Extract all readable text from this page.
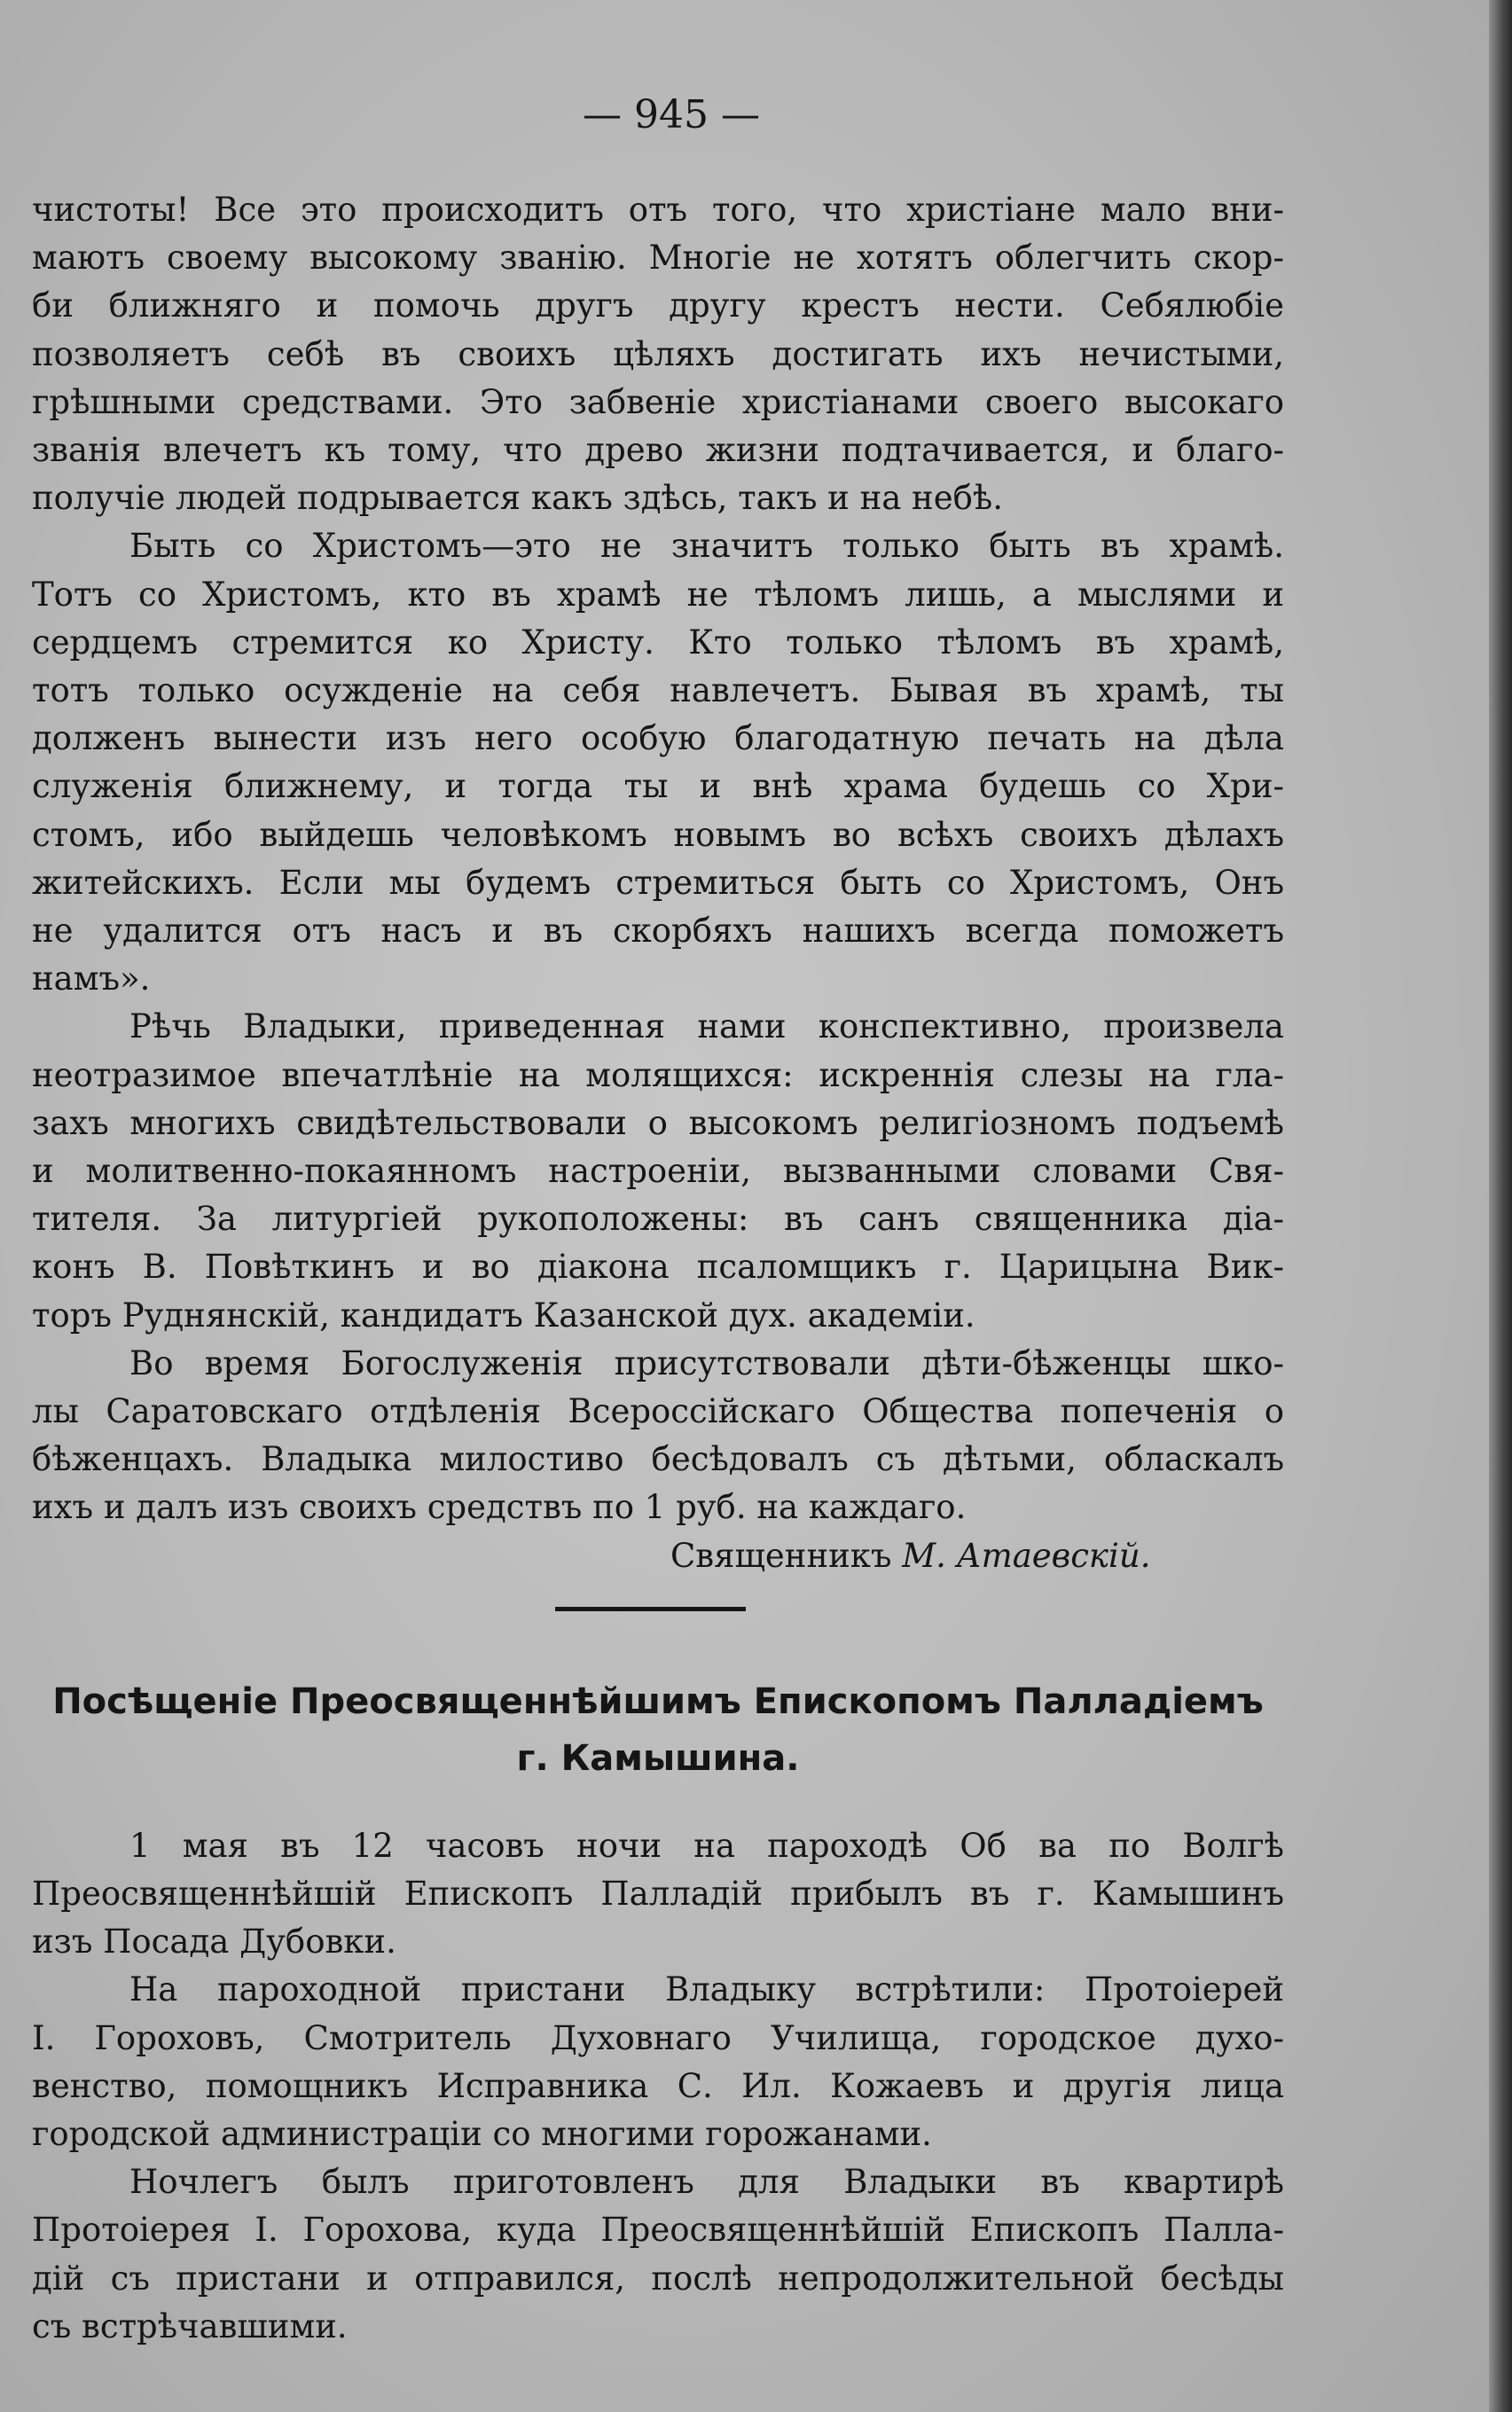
— 945 —

чистоты! Все это происходитъ отъ того, что христiане мало вни-
маютъ своему высокому званiю. Многiе не хотятъ облегчить скор-
би ближняго и помочь другъ другу крестъ нести. Себялюбiе
позволяетъ себѣ въ своихъ цѣляхъ достигать ихъ нечистыми,
грѣшными средствами. Это забвенiе христiанами своего высокаго
званiя влечетъ къ тому, что древо жизни подтачивается, и благо-
получiе людей подрывается какъ здѣсь, такъ и на небѣ.

Быть со Христомъ—это не значитъ только быть въ храмѣ.
Тотъ со Христомъ, кто въ храмѣ не тѣломъ лишь, а мыслями и
сердцемъ стремится ко Христу. Кто только тѣломъ въ храмѣ,
тотъ только осужденiе на себя навлечетъ. Бывая въ храмѣ, ты
долженъ вынести изъ него особую благодатную печать на дѣла
служенiя ближнему, и тогда ты и внѣ храма будешь со Хри-
стомъ, ибо выйдешь человѣкомъ новымъ во всѣхъ своихъ дѣлахъ
житейскихъ. Если мы будемъ стремиться быть со Христомъ, Онъ
не удалится отъ насъ и въ скорбяхъ нашихъ всегда поможетъ
намъ».

Рѣчь Владыки, приведенная нами конспективно, произвела
неотразимое впечатлѣнiе на молящихся: искреннiя слезы на гла-
захъ многихъ свидѣтельствовали о высокомъ религiозномъ подъемѣ
и молитвенно-покаянномъ настроенiи, вызванными словами Свя-
тителя. За литургiей рукоположены: въ санъ священника дiа-
конъ В. Повѣткинъ и во дiакона псаломщикъ г. Царицына Вик-
торъ Руднянскiй, кандидатъ Казанской дух. академiи.

Во время Богослуженiя присутствовали дѣти-бѣженцы шко-
лы Саратовскаго отдѣленiя Всероссiйскаго Общества попеченiя о
бѣженцахъ. Владыка милостиво бесѣдовалъ съ дѣтьми, обласкалъ
ихъ и далъ изъ своихъ средствъ по 1 руб. на каждаго.

Священникъ М. Атаевскiй.

Посѣщенiе Преосвященнѣйшимъ Епископомъ Палладiемъ
г. Камышина.

1 мая въ 12 часовъ ночи на пароходѣ Об ва по Волгѣ
Преосвященнѣйшiй Епископъ Палладiй прибылъ въ г. Камышинъ
изъ Посада Дубовки.

На пароходной пристани Владыку встрѣтили: Протоiерей
I. Гороховъ, Смотритель Духовнаго Училища, городское духо-
венство, помощникъ Исправника С. Ил. Кожаевъ и другiя лица
городской администрацiи со многими горожанами.

Ночлегъ былъ приготовленъ для Владыки въ квартирѣ
Протоiерея I. Горохова, куда Преосвященнѣйшiй Епископъ Палла-
дiй съ пристани и отправился, послѣ непродолжительной бесѣды
съ встрѣчавшими.
